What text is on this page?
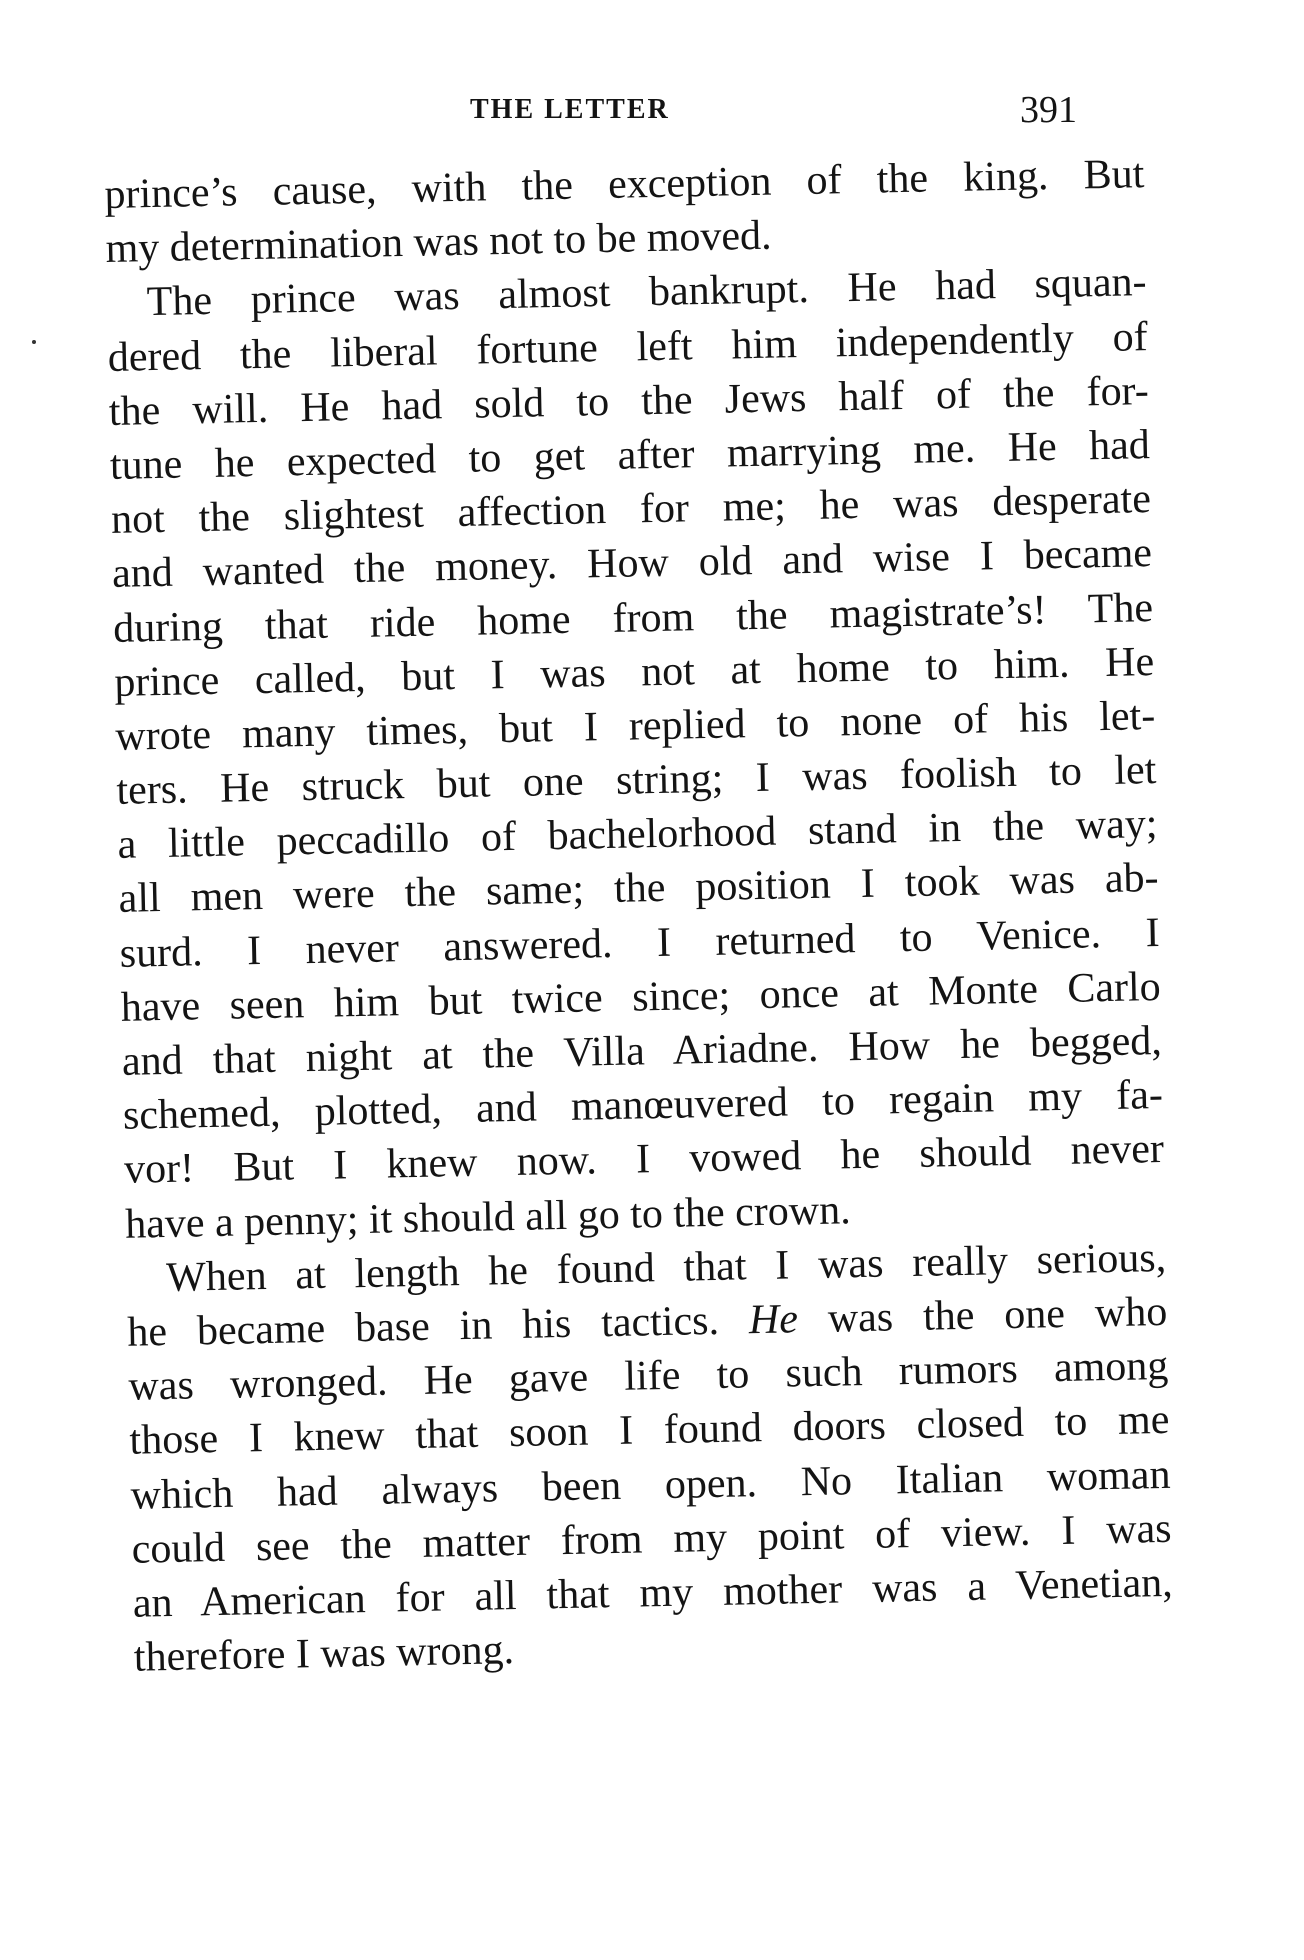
THE LETTER	391
prince’s cause, with the exception of the king. But
my determination was not to be moved.
The prince was almost bankrupt. He had squan-
dered the liberal fortune left him independently of
the will. He had sold to the Jews half of the for-
tune he expected to get after marrying me. He had
not the slightest affection for me; he was desperate
and wanted the money. How old and wise I became
during that ride home from the magistrate’s! The
prince called, but I was not at home to him. He
wrote many times, but I replied to none of his let-
ters. He struck but one string; I was foolish to let
a little peccadillo of bachelorhood stand in the way;
all men were the same; the position I took was ab-
surd. I never answered. I returned to Venice. I
have seen him but twice since; once at Monte Carlo
and that night at the Villa Ariadne. How he begged,
schemed, plotted, and manœuvered to regain my fa-
vor! But I knew now. I vowed he should never
have a penny; it should all go to the crown.
When at length he found that I was really serious,
he became base in his tactics. He was the one who
was wronged. He gave life to such rumors among
those I knew that soon I found doors closed to me
which had always been open. No Italian woman
could see the matter from my point of view. I was
an American for all that my mother was a Venetian,
therefore I was wrong.
